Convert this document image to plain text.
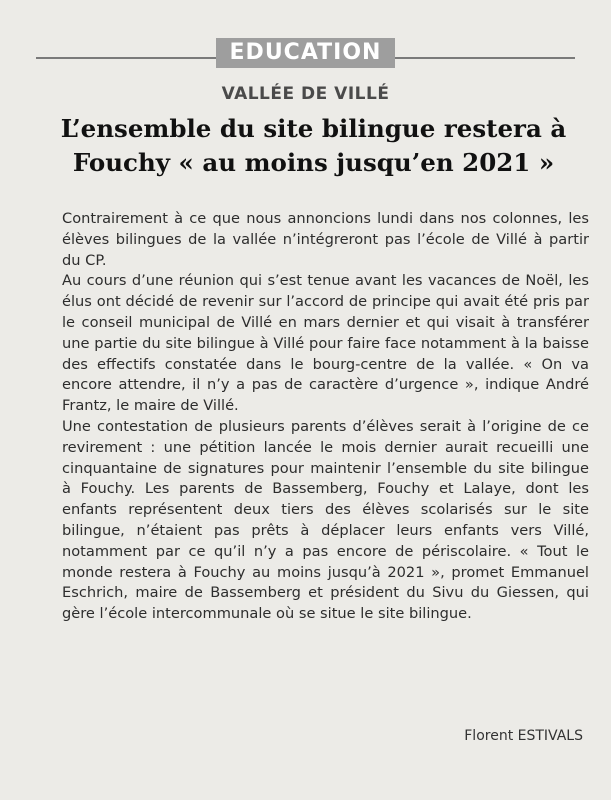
EDUCATION
VALLÉE DE VILLÉ
L’ensemble du site bilingue restera à Fouchy « au moins jusqu’en 2021 »

Contrairement à ce que nous annoncions lundi dans nos colonnes, les élèves bilingues de la vallée n’intégreront pas l’école de Villé à partir du CP.

Au cours d’une réunion qui s’est tenue avant les vacances de Noël, les élus ont décidé de revenir sur l’accord de principe qui avait été pris par le conseil municipal de Villé en mars dernier et qui visait à transférer une partie du site bilingue à Villé pour faire face notamment à la baisse des effectifs constatée dans le bourg-centre de la vallée. « On va encore attendre, il n’y a pas de caractère d’urgence », indique André Frantz, le maire de Villé.

Une contestation de plusieurs parents d’élèves serait à l’origine de ce revirement : une pétition lancée le mois dernier aurait recueilli une cinquantaine de signatures pour maintenir l’ensemble du site bilingue à Fouchy. Les parents de Bassemberg, Fouchy et Lalaye, dont les enfants représentent deux tiers des élèves scolarisés sur le site bilingue, n’étaient pas prêts à déplacer leurs enfants vers Villé, notamment par ce qu’il n’y a pas encore de périscolaire. « Tout le monde restera à Fouchy au moins jusqu’à 2021 », promet Emmanuel Eschrich, maire de Bassemberg et président du Sivu du Giessen, qui gère l’école intercommunale où se situe le site bilingue.

Florent ESTIVALS
